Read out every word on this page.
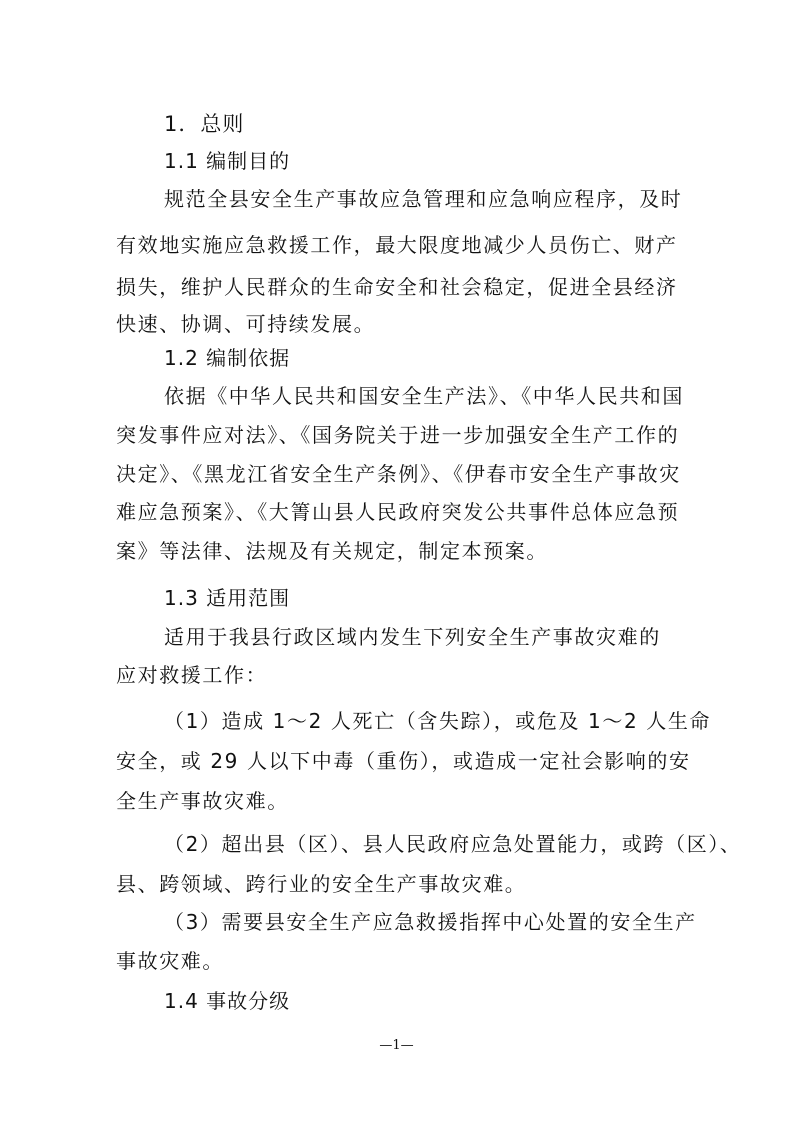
1．总则
1.1 编制目的
规范全县安全生产事故应急管理和应急响应程序，及时
有效地实施应急救援工作，最大限度地减少人员伤亡、财产
损失，维护人民群众的生命安全和社会稳定，促进全县经济
快速、协调、可持续发展。
1.2 编制依据
依据《中华人民共和国安全生产法》、《中华人民共和国
突发事件应对法》、《国务院关于进一步加强安全生产工作的
决定》、《黑龙江省安全生产条例》、《伊春市安全生产事故灾
难应急预案》、《大箐山县人民政府突发公共事件总体应急预
案》等法律、法规及有关规定，制定本预案。
1.3 适用范围
适用于我县行政区域内发生下列安全生产事故灾难的
应对救援工作：
（1）造成 1～2 人死亡（含失踪），或危及 1～2 人生命
安全，或 29 人以下中毒（重伤），或造成一定社会影响的安
全生产事故灾难。
（2）超出县（区）、县人民政府应急处置能力，或跨（区）、
县、跨领域、跨行业的安全生产事故灾难。
（3）需要县安全生产应急救援指挥中心处置的安全生产
事故灾难。
1.4 事故分级
—1—
